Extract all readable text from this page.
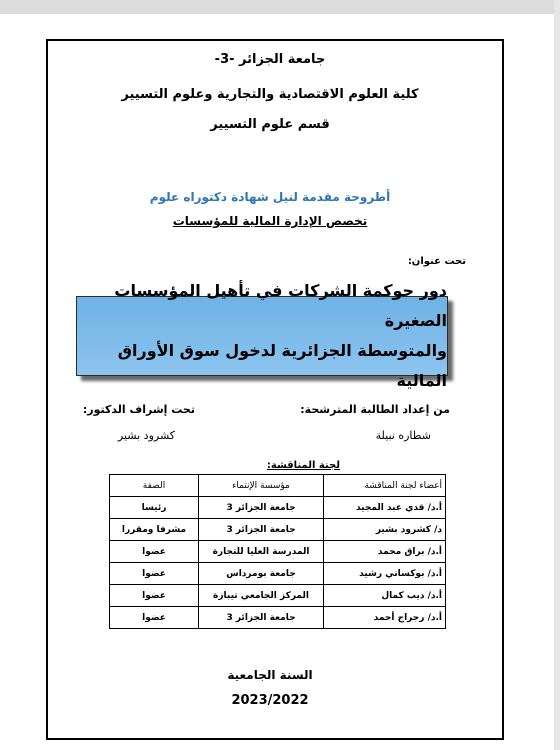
جامعة الجزائر -3-
كلية العلوم الاقتصادية والتجارية وعلوم التسيير
قسم علوم التسيير
أطروحة مقدمة لنيل شهادة دكتوراه علوم
تخصص الإدارة المالية للمؤسسات
تحت عنوان:
دور حوكمة الشركات في تأهيل المؤسسات الصغيرة
والمتوسطة الجزائرية لدخول سوق الأوراق المالية
من إعداد الطالبة المترشحة:
تحت إشراف الدكتور:
شطاره نبيلة
كشرود بشير
لجنة المناقشة:
أعضاء لجنة المناقشة	مؤسسة الإنتماء	الصفة
أ.د/ قدي عبد المجيد	جامعة الجزائر 3	رئيسا
د/ كشرود بشير	جامعة الجزائر 3	مشرفا ومقررا
أ.د/ براق محمد	المدرسة العليا للتجارة	عضوا
أ.د/ بوكساني رشيد	جامعة بومرداس	عضوا
أ.د/ ديب كمال	المركز الجامعي تيبازة	عضوا
أ.د/ رجراج أحمد	جامعة الجزائر 3	عضوا
السنة الجامعية
2023/2022
